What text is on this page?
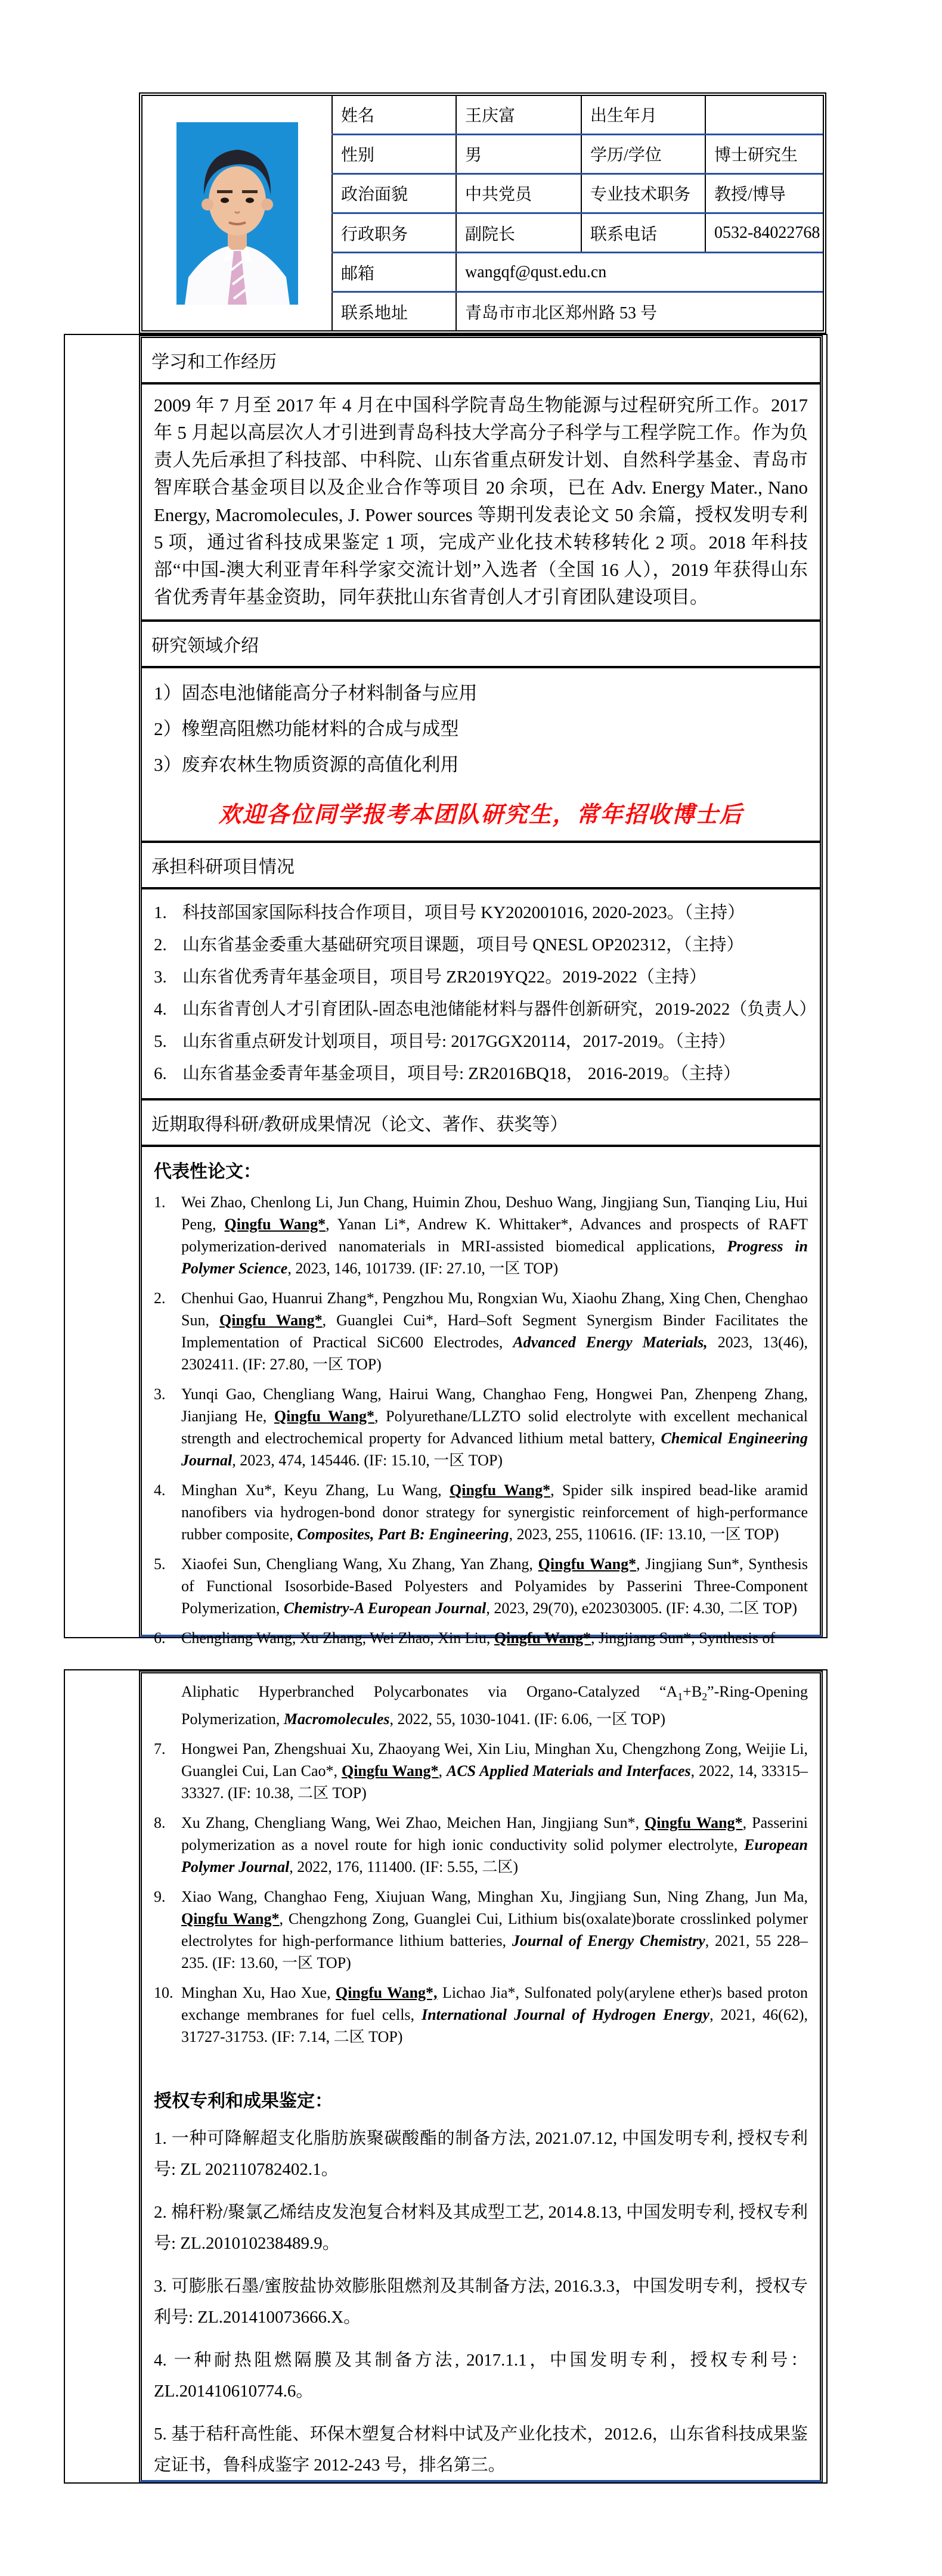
	姓名	王庆富	出生年月	
	性别	男	学历/学位	博士研究生
	政治面貌	中共党员	专业技术职务	教授/博导
	行政职务	副院长	联系电话	0532-84022768
	邮箱	wangqf@qust.edu.cn		
	联系地址	青岛市市北区郑州路 53 号		
学习和工作经历
2009 年 7 月至 2017 年 4 月在中国科学院青岛生物能源与过程研究所工作。2017 年 5 月起以高层次人才引进到青岛科技大学高分子科学与工程学院工作。作为负责人先后承担了科技部、中科院、山东省重点研发计划、自然科学基金、青岛市智库联合基金项目以及企业合作等项目 20 余项，已在 Adv. Energy Mater., Nano Energy, Macromolecules, J. Power sources 等期刊发表论文 50 余篇，授权发明专利 5 项，通过省科技成果鉴定 1 项，完成产业化技术转移转化 2 项。2018 年科技部“中国-澳大利亚青年科学家交流计划”入选者（全国 16 人），2019 年获得山东省优秀青年基金资助，同年获批山东省青创人才引育团队建设项目。
研究领域介绍
1）固态电池储能高分子材料制备与应用
2）橡塑高阻燃功能材料的合成与成型
3）废弃农林生物质资源的高值化利用
欢迎各位同学报考本团队研究生，常年招收博士后
承担科研项目情况
1. 科技部国家国际科技合作项目，项目号 KY202001016, 2020-2023。（主持）
2. 山东省基金委重大基础研究项目课题，项目号 QNESL OP202312，（主持）
3. 山东省优秀青年基金项目，项目号 ZR2019YQ22。2019-2022（主持）
4. 山东省青创人才引育团队-固态电池储能材料与器件创新研究，2019-2022（负责人）
5. 山东省重点研发计划项目，项目号: 2017GGX20114，2017-2019。（主持）
6. 山东省基金委青年基金项目，项目号: ZR2016BQ18， 2016-2019。（主持）
近期取得科研/教研成果情况（论文、著作、获奖等）
代表性论文：
1.	Wei Zhao, Chenlong Li, Jun Chang, Huimin Zhou, Deshuo Wang, Jingjiang Sun, Tianqing Liu, Hui Peng, Qingfu Wang*, Yanan Li*, Andrew K. Whittaker*, Advances and prospects of RAFT polymerization-derived nanomaterials in MRI-assisted biomedical applications, Progress in Polymer Science, 2023, 146, 101739. (IF: 27.10, 一区 TOP)
2.	Chenhui Gao, Huanrui Zhang*, Pengzhou Mu, Rongxian Wu, Xiaohu Zhang, Xing Chen, Chenghao Sun, Qingfu Wang*, Guanglei Cui*, Hard–Soft Segment Synergism Binder Facilitates the Implementation of Practical SiC600 Electrodes, Advanced Energy Materials, 2023, 13(46), 2302411. (IF: 27.80, 一区 TOP)
3.	Yunqi Gao, Chengliang Wang, Hairui Wang, Changhao Feng, Hongwei Pan, Zhenpeng Zhang, Jianjiang He, Qingfu Wang*, Polyurethane/LLZTO solid electrolyte with excellent mechanical strength and electrochemical property for Advanced lithium metal battery, Chemical Engineering Journal, 2023, 474, 145446. (IF: 15.10, 一区 TOP)
4.	Minghan Xu*, Keyu Zhang, Lu Wang, Qingfu Wang*, Spider silk inspired bead-like aramid nanofibers via hydrogen-bond donor strategy for synergistic reinforcement of high-performance rubber composite, Composites, Part B: Engineering, 2023, 255, 110616. (IF: 13.10, 一区 TOP)
5.	Xiaofei Sun, Chengliang Wang, Xu Zhang, Yan Zhang, Qingfu Wang*, Jingjiang Sun*, Synthesis of Functional Isosorbide-Based Polyesters and Polyamides by Passerini Three-Component Polymerization, Chemistry-A European Journal, 2023, 29(70), e202303005. (IF: 4.30, 二区 TOP)
6.	Chengliang Wang, Xu Zhang, Wei Zhao, Xin Liu, Qingfu Wang*, Jingjiang Sun*, Synthesis of
Aliphatic Hyperbranched Polycarbonates via Organo-Catalyzed “$A_1+B_2”-Ring$-Opening Polymerization, Macromolecules, 2022, 55, 1030-1041. (IF: 6.06, 一区 TOP)
7.	Hongwei Pan, Zhengshuai Xu, Zhaoyang Wei, Xin Liu, Minghan Xu, Chengzhong Zong, Weijie Li, Guanglei Cui, Lan Cao*, Qingfu Wang*, ACS Applied Materials and Interfaces, 2022, 14, 33315–33327. (IF: 10.38, 二区 TOP)
8.	Xu Zhang, Chengliang Wang, Wei Zhao, Meichen Han, Jingjiang Sun*, Qingfu Wang*, Passerini polymerization as a novel route for high ionic conductivity solid polymer electrolyte, European Polymer Journal, 2022, 176, 111400. (IF: 5.55, 二区)
9.	Xiao Wang, Changhao Feng, Xiujuan Wang, Minghan Xu, Jingjiang Sun, Ning Zhang, Jun Ma, Qingfu Wang*, Chengzhong Zong, Guanglei Cui, Lithium bis(oxalate)borate crosslinked polymer electrolytes for high-performance lithium batteries, Journal of Energy Chemistry, 2021, 55 228–235. (IF: 13.60, 一区 TOP)
10. Minghan Xu, Hao Xue, Qingfu Wang*, Lichao Jia*, Sulfonated poly(arylene ether)s based proton exchange membranes for fuel cells, International Journal of Hydrogen Energy, 2021, 46(62), 31727-31753. (IF: 7.14, 二区 TOP)
授权专利和成果鉴定：
1. 一种可降解超支化脂肪族聚碳酸酯的制备方法, 2021.07.12, 中国发明专利, 授权专利号: ZL 202110782402.1。
2. 棉秆粉/聚氯乙烯结皮发泡复合材料及其成型工艺, 2014.8.13, 中国发明专利, 授权专利号: ZL.201010238489.9。
3. 可膨胀石墨/蜜胺盐协效膨胀阻燃剂及其制备方法, 2016.3.3，中国发明专利，授权专利号: ZL.201410073666.X。
4. 一种耐热阻燃隔膜及其制备方法, 2017.1.1，中国发明专利，授权专利号：ZL.201410610774.6。
5. 基于秸秆高性能、环保木塑复合材料中试及产业化技术，2012.6，山东省科技成果鉴定证书，鲁科成鉴字 2012-243 号，排名第三。
